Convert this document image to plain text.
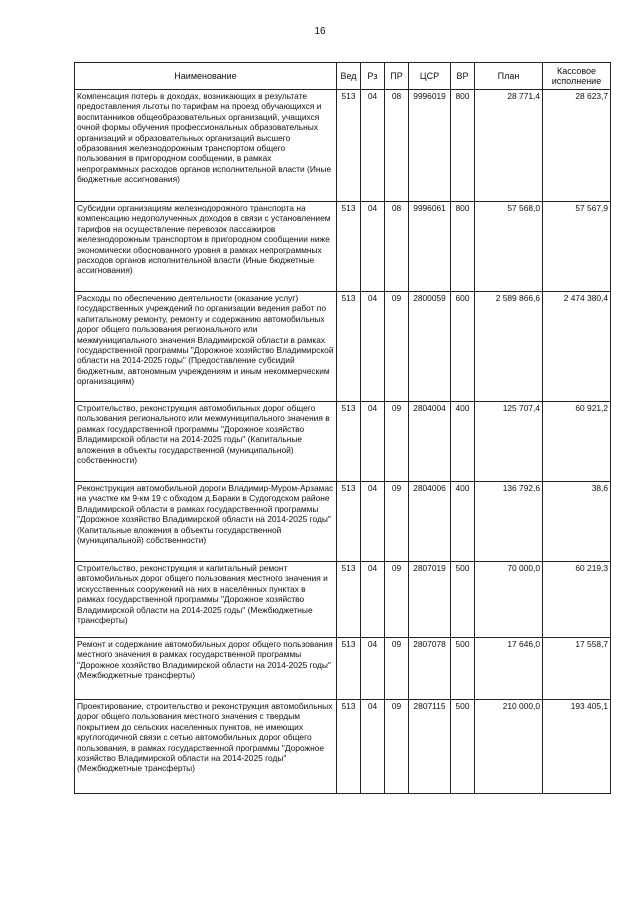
16
Наименование	Вед	Рз	ПР	ЦСР	ВР	План	Кассовое исполнение
Компенсация потерь в доходах, возникающих в результате предоставления льготы по тарифам на проезд обучающихся и воспитанников общеобразовательных организаций, учащихся очной формы обучения профессиональных образовательных организаций и образовательных организаций высшего образования железнодорожным транспортом общего пользования в пригородном сообщении, в рамках непрограммных расходов органов исполнительной власти (Иные бюджетные ассигнования)	513	04	08	9996019	800	28 771,4	28 623,7
Субсидии организациям железнодорожного транспорта на компенсацию недополученных доходов в связи с установлением тарифов на осуществление перевозок пассажиров железнодорожным транспортом в пригородном сообщении ниже экономически обоснованного уровня в рамках непрограммных расходов органов исполнительной власти (Иные бюджетные ассигнования)	513	04	08	9996061	800	57 568,0	57 567,9
Расходы по обеспечению деятельности (оказание услуг) государственных учреждений по организации ведения работ по капитальному ремонту, ремонту и содержанию автомобильных дорог общего пользования регионального или межмуниципального значения Владимирской области в рамках государственной программы "Дорожное хозяйство Владимирской области на 2014-2025 годы" (Предоставление субсидий бюджетным, автономным учреждениям и иным некоммерческим организациям)	513	04	09	2800059	600	2 589 866,6	2 474 380,4
Строительство, реконструкция автомобильных дорог общего пользования регионального или межмуниципального значения в рамках государственной программы "Дорожное хозяйство Владимирской области на 2014-2025 годы" (Капитальные вложения в объекты государственной (муниципальной) собственности)	513	04	09	2804004	400	125 707,4	60 921,2
Реконструкция автомобильной дороги Владимир-Муром-Арзамас на участке км 9-км 19 с обходом д.Бараки в Судогодском районе Владимирской области в рамках государственной программы "Дорожное хозяйство Владимирской области на 2014-2025 годы" (Капитальные вложения в объекты государственной (муниципальной) собственности)	513	04	09	2804006	400	136 792,6	38,6
Строительство, реконструкция и капитальный ремонт автомобильных дорог общего пользования местного значения и искусственных сооружений на них в населённых пунктах в рамках государственной программы "Дорожное хозяйство Владимирской области на 2014-2025 годы" (Межбюджетные трансферты)	513	04	09	2807019	500	70 000,0	60 219,3
Ремонт и содержание автомобильных дорог общего пользования местного значения в рамках государственной программы "Дорожное хозяйство Владимирской области на 2014-2025 годы" (Межбюджетные трансферты)	513	04	09	2807078	500	17 646,0	17 558,7
Проектирование, строительство и реконструкция автомобильных дорог общего пользования местного значения с твердым покрытием до сельских населенных пунктов, не имеющих круглогодичной связи с сетью автомобильных дорог общего пользования, в рамках государственной программы "Дорожное хозяйство Владимирской области на 2014-2025 годы" (Межбюджетные трансферты)	513	04	09	2807115	500	210 000,0	193 405,1
